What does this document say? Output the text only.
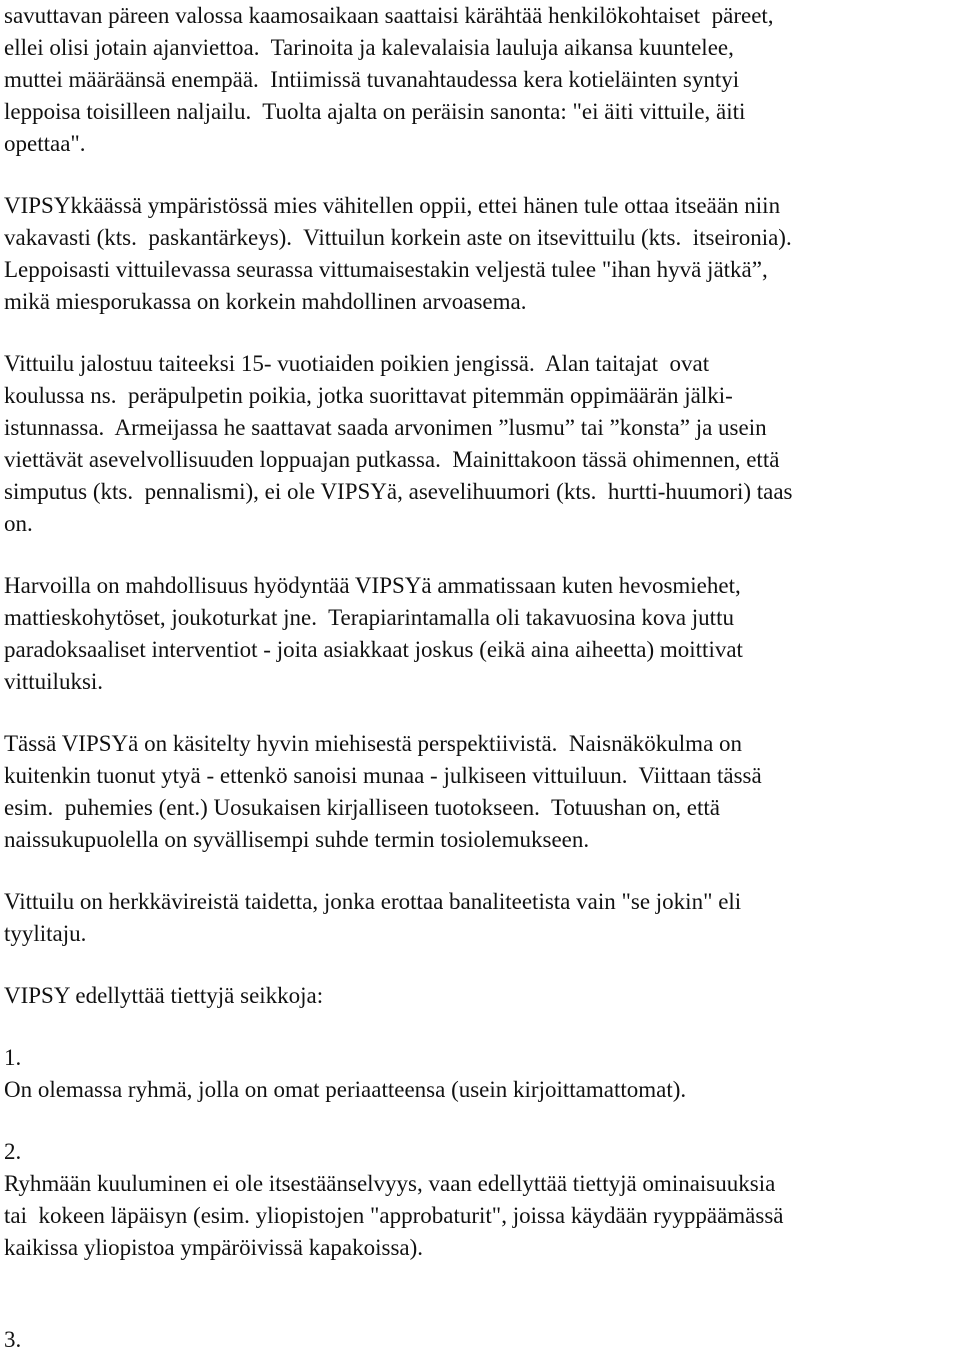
savuttavan päreen valossa kaamosaikaan saattaisi kärähtää henkilökohtaiset  päreet,
ellei olisi jotain ajanviettoa.  Tarinoita ja kalevalaisia lauluja aikansa kuuntelee,
muttei määräänsä enempää.  Intiimissä tuvanahtaudessa kera kotieläinten syntyi
leppoisa toisilleen naljailu.  Tuolta ajalta on peräisin sanonta: "ei äiti vittuile, äiti
opettaa".
VIPSYkkäässä ympäristössä mies vähitellen oppii, ettei hänen tule ottaa itseään niin
vakavasti (kts.  paskantärkeys).  Vittuilun korkein aste on itsevittuilu (kts.  itseironia).
Leppoisasti vittuilevassa seurassa vittumaisestakin veljestä tulee "ihan hyvä jätkä”,
mikä miesporukassa on korkein mahdollinen arvoasema.
Vittuilu jalostuu taiteeksi 15- vuotiaiden poikien jengissä.  Alan taitajat  ovat
koulussa ns.  peräpulpetin poikia, jotka suorittavat pitemmän oppimäärän jälki-
istunnassa.  Armeijassa he saattavat saada arvonimen ”lusmu” tai ”konsta” ja usein
viettävät asevelvollisuuden loppuajan putkassa.  Mainittakoon tässä ohimennen, että
simputus (kts.  pennalismi), ei ole VIPSYä, asevelihuumori (kts.  hurtti-huumori) taas
on.
Harvoilla on mahdollisuus hyödyntää VIPSYä ammatissaan kuten hevosmiehet,
mattieskohytöset, joukoturkat jne.  Terapiarintamalla oli takavuosina kova juttu
paradoksaaliset interventiot - joita asiakkaat joskus (eikä aina aiheetta) moittivat
vittuiluksi.
Tässä VIPSYä on käsitelty hyvin miehisestä perspektiivistä.  Naisnäkökulma on
kuitenkin tuonut ytyä - ettenkö sanoisi munaa - julkiseen vittuiluun.  Viittaan tässä
esim.  puhemies (ent.) Uosukaisen kirjalliseen tuotokseen.  Totuushan on, että
naissukupuolella on syvällisempi suhde termin tosiolemukseen.
Vittuilu on herkkävireistä taidetta, jonka erottaa banaliteetista vain "se jokin" eli
tyylitaju.
VIPSY edellyttää tiettyjä seikkoja:
1.
On olemassa ryhmä, jolla on omat periaatteensa (usein kirjoittamattomat).
2.
Ryhmään kuuluminen ei ole itsestäänselvyys, vaan edellyttää tiettyjä ominaisuuksia
tai  kokeen läpäisyn (esim. yliopistojen "approbaturit", joissa käydään ryyppäämässä
kaikissa yliopistoa ympäröivissä kapakoissa).
3.
